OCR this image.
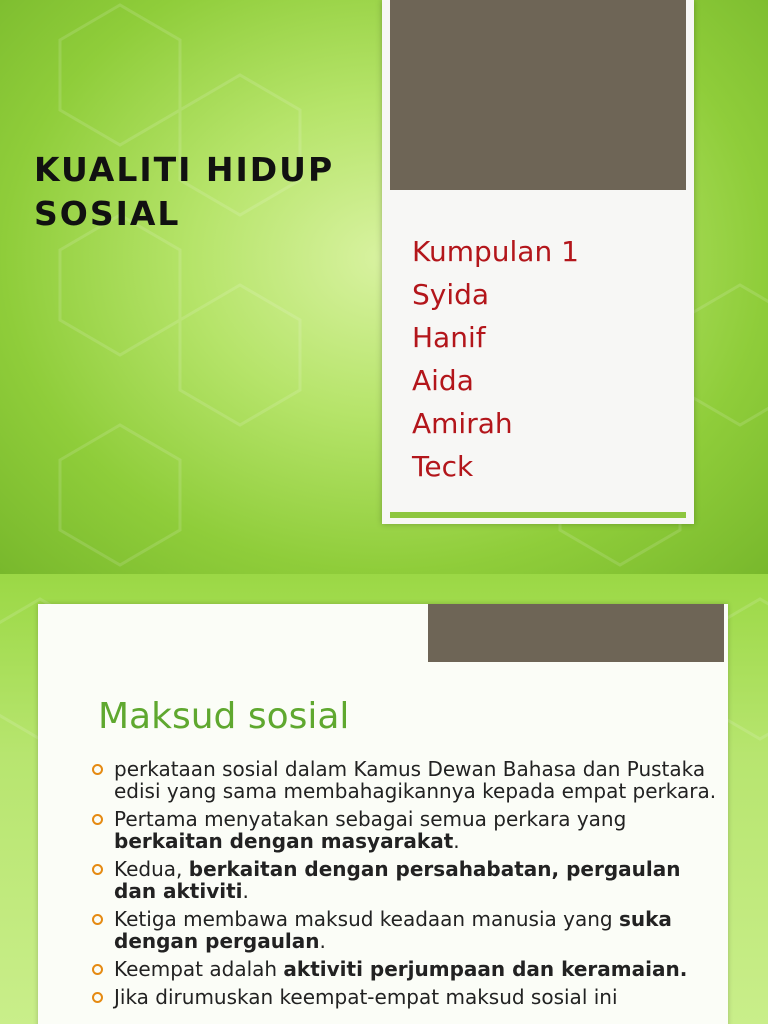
KUALITI HIDUP SOSIAL
Kumpulan 1
Syida
Hanif
Aida
Amirah
Teck
Maksud sosial
perkataan sosial dalam Kamus Dewan Bahasa dan Pustaka edisi yang sama membahagikannya kepada empat perkara.
Pertama menyatakan sebagai semua perkara yang berkaitan dengan masyarakat.
Kedua, berkaitan dengan persahabatan, pergaulan dan aktiviti.
Ketiga membawa maksud keadaan manusia yang suka dengan pergaulan.
Keempat adalah aktiviti perjumpaan dan keramaian.
Jika dirumuskan keempat-empat maksud sosial ini
